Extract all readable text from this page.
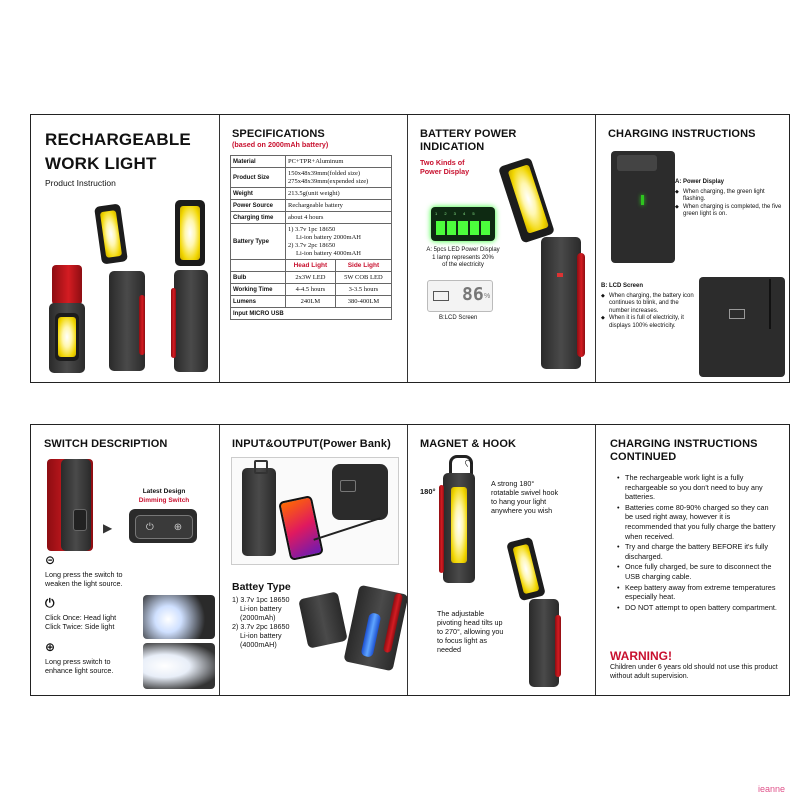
RECHARGEABLE
WORK LIGHT
Product Instruction
SPECIFICATIONS
(based on 2000mAh battery)
Material	PC+TPR+Aluminum	
Product Size	150x48x39mm(folded size)
275x48x39mm(expended size)	

Weight	213.5g(unit weight)	
Power Source	Rechargeable battery	
Charging time	about 4 hours	
Battery Type	1) 3.7v 1pc 18650
Li-ion battery 2000mAH
2) 3.7v 2pc 18650
Li-ion battery 4000mAH	

	Head Light	Side Light
Bulb	2x3W LED	5W COB LED
Working Time	4-4.5 hours	3-3.5 hours
Lumens	240LM	380-400LM
Input MICRO USB		
BATTERY POWER
INDICATION
Two Kinds of
Power Display
1 2 3 4 5
A: 5pcs LED Power Display
1 lamp represents 20%
of the electricity
86 %
B:LCD Screen
CHARGING INSTRUCTIONS
A: Power Display
◆ When charging, the green light flashing.
◆ When charging is completed, the five green light is on.
B: LCD Screen
◆ When charging, the battery icon continues to blink, and the number increases.
◆ When it is full of electricity, it displays 100% electricity.
SWITCH DESCRIPTION
Latest Design
Dimming Switch
⏻ ⊕
▶
⊝
Long press the switch to
weaken the light source.
⏻
Click Once: Head light
Click Twice: Side light
⊕
Long press switch to
enhance light source.
INPUT&OUTPUT(Power Bank)
Battey Type
1) 3.7v 1pc 18650
Li-ion battery
(2000mAh)
2) 3.7v 2pc 18650
Li-ion battery
(4000mAH)
MAGNET & HOOK
180°
∩
A strong 180°
rotatable swivel hook
to hang your light
anywhere you wish
The adjustable
pivoting head tilts up
to 270°, allowing you
to focus light as
needed
CHARGING INSTRUCTIONS
CONTINUED
• The rechargeable work light is a fully rechargeable so you don't need to buy any batteries.
• Batteries come 80-90% charged so they can be used right away, however it is recommended that you fully charge the battery when received.
• Try and charge the battery BEFORE it's fully discharged.
• Once fully charged, be sure to disconnect the USB charging cable.
• Keep battery away from extreme temperatures especially heat.
• DO NOT attempt to open battery compartment.
WARNING!
Children under 6 years old should not use this product without adult supervision.
ieanne
